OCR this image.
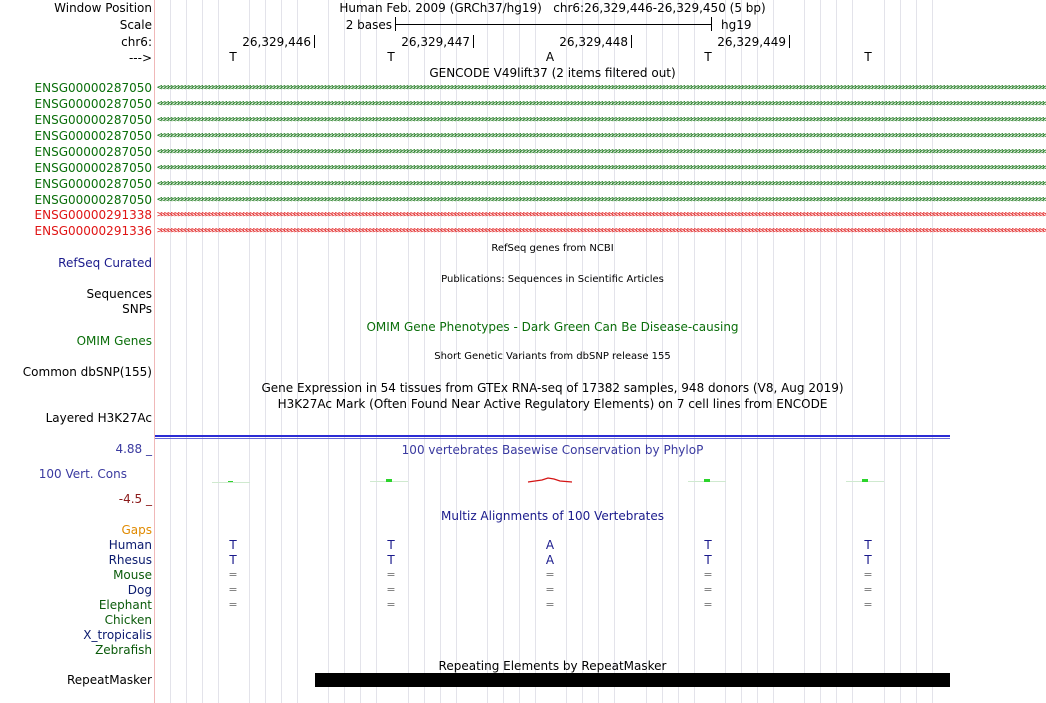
Window Position	Human Feb. 2009 (GRCh37/hg19)   chr6:26,329,446-26,329,450 (5 bp)
Scale	2 bases	hg19
chr6:	26,329,446	26,329,447	26,329,448	26,329,449
--->	T	T	A	T	T
GENCODE V49lift37 (2 items filtered out)
ENSG00000287050 <<<<<<<<<<<<<<<<<<<<<<<<<<<<<<<<<<<<<<<<<<<<<<<<<<<<<<<<<<<<<<<<<<<<<<<<<<<<<<<<<<<<<<<<<<<<<<<<<<<<<<<<<<<<<<<<<<<<<<<<<<<<<<<<<<<<<<<<<<<<<<<<<<<<<<<<<<<<<<<<<<<<<<<<<<<<<<<<<<<<<<<<<<<<<<<<<<<<<<<<<<<<<<<<<<<<<<<<<<<<<<<<<<<<<<<<<<<<<<<<<<<<<<<<<<<<<<<<<<<<
ENSG00000287050 <<<<<<<<<<<<<<<<<<<<<<<<<<<<<<<<<<<<<<<<<<<<<<<<<<<<<<<<<<<<<<<<<<<<<<<<<<<<<<<<<<<<<<<<<<<<<<<<<<<<<<<<<<<<<<<<<<<<<<<<<<<<<<<<<<<<<<<<<<<<<<<<<<<<<<<<<<<<<<<<<<<<<<<<<<<<<<<<<<<<<<<<<<<<<<<<<<<<<<<<<<<<<<<<<<<<<<<<<<<<<<<<<<<<<<<<<<<<<<<<<<<<<<<<<<<<<<<<<<<<
ENSG00000287050 <<<<<<<<<<<<<<<<<<<<<<<<<<<<<<<<<<<<<<<<<<<<<<<<<<<<<<<<<<<<<<<<<<<<<<<<<<<<<<<<<<<<<<<<<<<<<<<<<<<<<<<<<<<<<<<<<<<<<<<<<<<<<<<<<<<<<<<<<<<<<<<<<<<<<<<<<<<<<<<<<<<<<<<<<<<<<<<<<<<<<<<<<<<<<<<<<<<<<<<<<<<<<<<<<<<<<<<<<<<<<<<<<<<<<<<<<<<<<<<<<<<<<<<<<<<<<<<<<<<<
ENSG00000287050 <<<<<<<<<<<<<<<<<<<<<<<<<<<<<<<<<<<<<<<<<<<<<<<<<<<<<<<<<<<<<<<<<<<<<<<<<<<<<<<<<<<<<<<<<<<<<<<<<<<<<<<<<<<<<<<<<<<<<<<<<<<<<<<<<<<<<<<<<<<<<<<<<<<<<<<<<<<<<<<<<<<<<<<<<<<<<<<<<<<<<<<<<<<<<<<<<<<<<<<<<<<<<<<<<<<<<<<<<<<<<<<<<<<<<<<<<<<<<<<<<<<<<<<<<<<<<<<<<<<<
ENSG00000287050 <<<<<<<<<<<<<<<<<<<<<<<<<<<<<<<<<<<<<<<<<<<<<<<<<<<<<<<<<<<<<<<<<<<<<<<<<<<<<<<<<<<<<<<<<<<<<<<<<<<<<<<<<<<<<<<<<<<<<<<<<<<<<<<<<<<<<<<<<<<<<<<<<<<<<<<<<<<<<<<<<<<<<<<<<<<<<<<<<<<<<<<<<<<<<<<<<<<<<<<<<<<<<<<<<<<<<<<<<<<<<<<<<<<<<<<<<<<<<<<<<<<<<<<<<<<<<<<<<<<<
ENSG00000287050 <<<<<<<<<<<<<<<<<<<<<<<<<<<<<<<<<<<<<<<<<<<<<<<<<<<<<<<<<<<<<<<<<<<<<<<<<<<<<<<<<<<<<<<<<<<<<<<<<<<<<<<<<<<<<<<<<<<<<<<<<<<<<<<<<<<<<<<<<<<<<<<<<<<<<<<<<<<<<<<<<<<<<<<<<<<<<<<<<<<<<<<<<<<<<<<<<<<<<<<<<<<<<<<<<<<<<<<<<<<<<<<<<<<<<<<<<<<<<<<<<<<<<<<<<<<<<<<<<<<<
ENSG00000287050 <<<<<<<<<<<<<<<<<<<<<<<<<<<<<<<<<<<<<<<<<<<<<<<<<<<<<<<<<<<<<<<<<<<<<<<<<<<<<<<<<<<<<<<<<<<<<<<<<<<<<<<<<<<<<<<<<<<<<<<<<<<<<<<<<<<<<<<<<<<<<<<<<<<<<<<<<<<<<<<<<<<<<<<<<<<<<<<<<<<<<<<<<<<<<<<<<<<<<<<<<<<<<<<<<<<<<<<<<<<<<<<<<<<<<<<<<<<<<<<<<<<<<<<<<<<<<<<<<<<<
ENSG00000287050 <<<<<<<<<<<<<<<<<<<<<<<<<<<<<<<<<<<<<<<<<<<<<<<<<<<<<<<<<<<<<<<<<<<<<<<<<<<<<<<<<<<<<<<<<<<<<<<<<<<<<<<<<<<<<<<<<<<<<<<<<<<<<<<<<<<<<<<<<<<<<<<<<<<<<<<<<<<<<<<<<<<<<<<<<<<<<<<<<<<<<<<<<<<<<<<<<<<<<<<<<<<<<<<<<<<<<<<<<<<<<<<<<<<<<<<<<<<<<<<<<<<<<<<<<<<<<<<<<<<<
ENSG00000291338 >>>>>>>>>>>>>>>>>>>>>>>>>>>>>>>>>>>>>>>>>>>>>>>>>>>>>>>>>>>>>>>>>>>>>>>>>>>>>>>>>>>>>>>>>>>>>>>>>>>>>>>>>>>>>>>>>>>>>>>>>>>>>>>>>>>>>>>>>>>>>>>>>>>>>>>>>>>>>>>>>>>>>>>>>>>>>>>>>>>>>>>>>>>>>>>>>>>>>>>>>>>>>>>>>>>>>>>>>>>>>>>>>>>>>>>>>>>>>>>>>>>>>>>>>>>>>>>>>>>>
ENSG00000291336 >>>>>>>>>>>>>>>>>>>>>>>>>>>>>>>>>>>>>>>>>>>>>>>>>>>>>>>>>>>>>>>>>>>>>>>>>>>>>>>>>>>>>>>>>>>>>>>>>>>>>>>>>>>>>>>>>>>>>>>>>>>>>>>>>>>>>>>>>>>>>>>>>>>>>>>>>>>>>>>>>>>>>>>>>>>>>>>>>>>>>>>>>>>>>>>>>>>>>>>>>>>>>>>>>>>>>>>>>>>>>>>>>>>>>>>>>>>>>>>>>>>>>>>>>>>>>>>>>>>>
RefSeq genes from NCBI
RefSeq Curated
Publications: Sequences in Scientific Articles
Sequences
SNPs
OMIM Gene Phenotypes - Dark Green Can Be Disease-causing
OMIM Genes
Short Genetic Variants from dbSNP release 155
Common dbSNP(155)
Gene Expression in 54 tissues from GTEx RNA-seq of 17382 samples, 948 donors (V8, Aug 2019)
H3K27Ac Mark (Often Found Near Active Regulatory Elements) on 7 cell lines from ENCODE
Layered H3K27Ac
100 vertebrates Basewise Conservation by PhyloP
4.88 _
100 Vert. Cons
-4.5 _
Multiz Alignments of 100 Vertebrates
Gaps
Human	T	T	A	T	T
Rhesus	T	T	A	T	T
Mouse	=	=	=	=	=
Dog	=	=	=	=	=
Elephant	=	=	=	=	=
Chicken
X_tropicalis
Zebrafish
Repeating Elements by RepeatMasker
RepeatMasker
